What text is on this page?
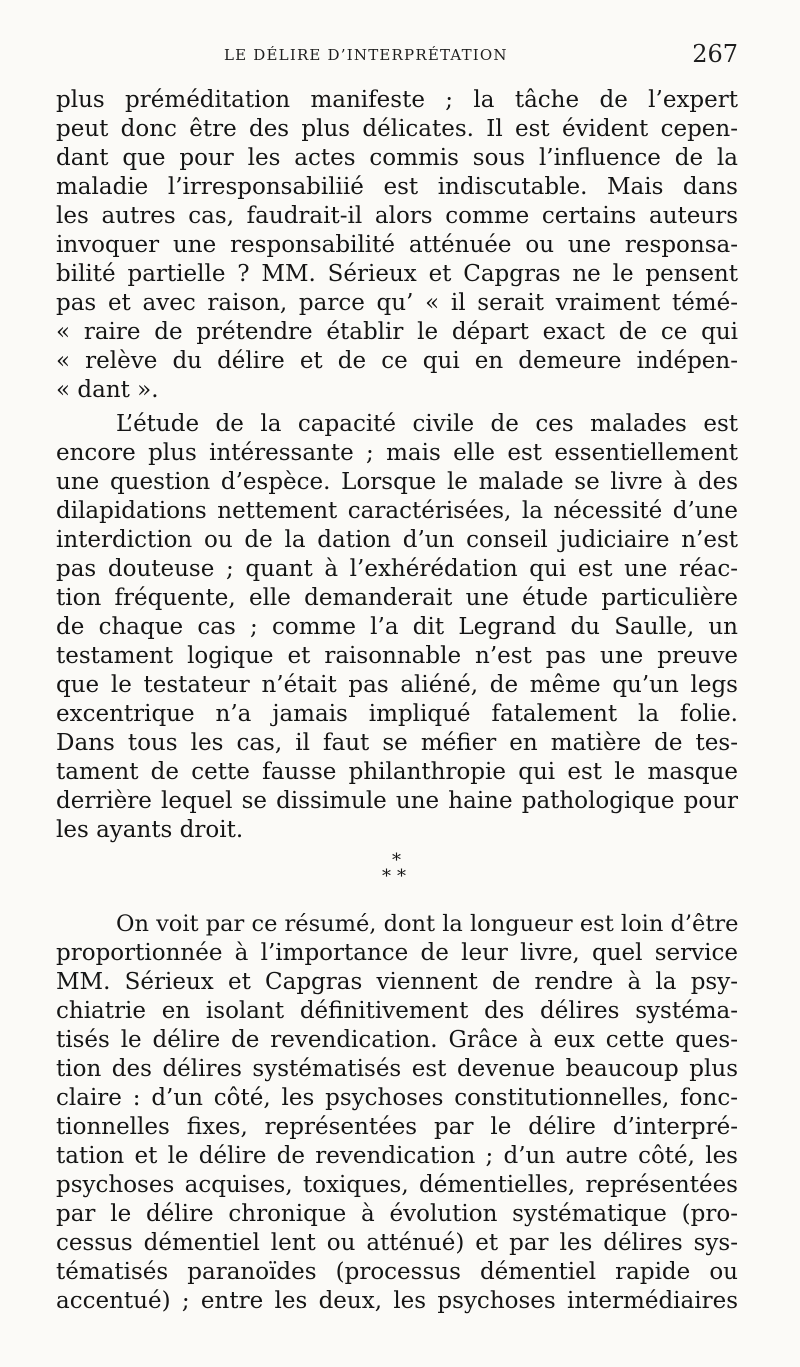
LE DÉLIRE D’INTERPRÉTATION	267

plus préméditation manifeste ; la tâche de l’expert

peut donc être des plus délicates. Il est évident cepen-

dant que pour les actes commis sous l’influence de la

maladie l’irresponsabiliié est indiscutable. Mais dans

les autres cas, faudrait-il alors comme certains auteurs

invoquer une responsabilité atténuée ou une responsa-

bilité partielle ? MM. Sérieux et Capgras ne le pensent

pas et avec raison, parce qu’ « il serait vraiment témé-

« raire de prétendre établir le départ exact de ce qui

« relève du délire et de ce qui en demeure indépen-

« dant ».

L’étude de la capacité civile de ces malades est

encore plus intéressante ; mais elle est essentiellement

une question d’espèce. Lorsque le malade se livre à des

dilapidations nettement caractérisées, la nécessité d’une

interdiction ou de la dation d’un conseil judiciaire n’est

pas douteuse ; quant à l’exhérédation qui est une réac-

tion fréquente, elle demanderait une étude particulière

de chaque cas ; comme l’a dit Legrand du Saulle, un

testament logique et raisonnable n’est pas une preuve

que le testateur n’était pas aliéné, de même qu’un legs

excentrique n’a jamais impliqué fatalement la folie.

Dans tous les cas, il faut se méfier en matière de tes-

tament de cette fausse philanthropie qui est le masque

derrière lequel se dissimule une haine pathologique pour

les ayants droit.

*
**

On voit par ce résumé, dont la longueur est loin d’être

proportionnée à l’importance de leur livre, quel service

MM. Sérieux et Capgras viennent de rendre à la psy-

chiatrie en isolant définitivement des délires systéma-

tisés le délire de revendication. Grâce à eux cette ques-

tion des délires systématisés est devenue beaucoup plus

claire : d’un côté, les psychoses constitutionnelles, fonc-

tionnelles fixes, représentées par le délire d’interpré-

tation et le délire de revendication ; d’un autre côté, les

psychoses acquises, toxiques, démentielles, représentées

par le délire chronique à évolution systématique (pro-

cessus démentiel lent ou atténué) et par les délires sys-

tématisés paranoïdes (processus démentiel rapide ou

accentué) ; entre les deux, les psychoses intermédiaires
